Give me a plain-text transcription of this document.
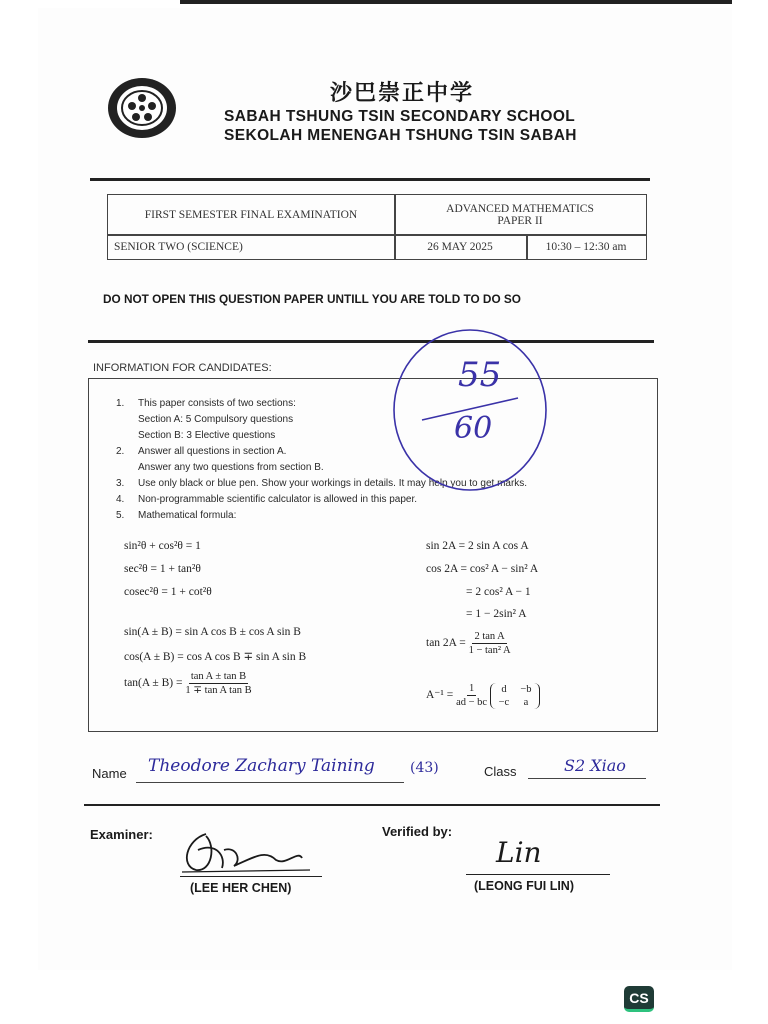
沙巴崇正中学
SABAH TSHUNG TSIN SECONDARY SCHOOL
SEKOLAH MENENGAH TSHUNG TSIN SABAH
FIRST SEMESTER FINAL EXAMINATION	ADVANCED MATHEMATICS
PAPER II
SENIOR TWO (SCIENCE)	26 MAY 2025	10:30 – 12:30 am
DO NOT OPEN THIS QUESTION PAPER UNTILL YOU ARE TOLD TO DO SO
INFORMATION FOR CANDIDATES:
1.	This paper consists of two sections:
Section A: 5 Compulsory questions
Section B: 3 Elective questions
2.	Answer all questions in section A.
Answer any two questions from section B.
3.	Use only black or blue pen. Show your workings in details. It may help you to get marks.
4.	Non-programmable scientific calculator is allowed in this paper.
5.	Mathematical formula:
55
60
sin²θ + cos²θ = 1
sec²θ = 1 + tan²θ
cosec²θ = 1 + cot²θ
sin(A ± B) = sin A cos B ± cos A sin B
cos(A ± B) = cos A cos B ∓ sin A sin B
$\tan(A \pm B) = \frac{\text{tan A ± tan B}}{\text{1 ∓ tan A tan B}}$
sin 2A = 2 sin A cos A
cos 2A = cos² A − sin² A
= 2 cos² A − 1
= 1 − 2sin² A
$\tan 2A = \frac{\text{2 tan A}}{\text{1 − tan² A}}$
$A^{-1} = \frac{1}{ad - bc}$
	d	−b
−c	a
Name Theodore Zachary Taining	(43)	Class	S2 Xiao
Examiner:
(LEE HER CHEN)
Verified by:
Lin
(LEONG FUI LIN)
CS
